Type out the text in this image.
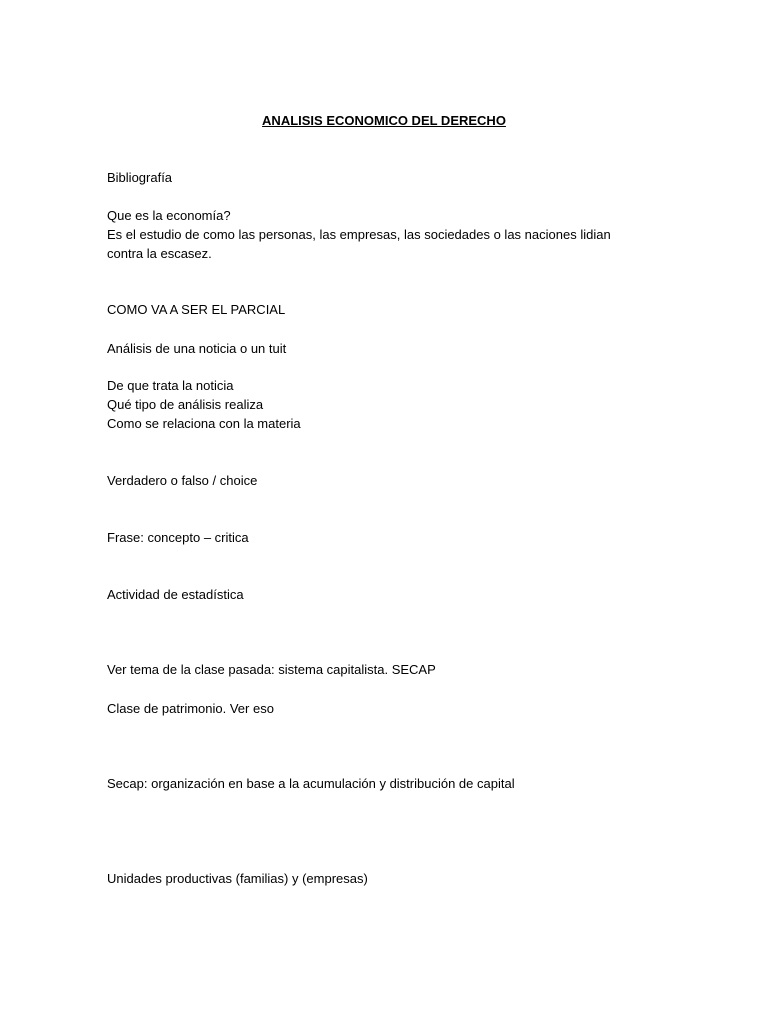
ANALISIS ECONOMICO DEL DERECHO
Bibliografía
Que es la economía?
Es el estudio de como las personas, las empresas, las sociedades o las naciones lidian
contra la escasez.
COMO VA A SER EL PARCIAL
Análisis de una noticia o un tuit
De que trata la noticia
Qué tipo de análisis realiza
Como se relaciona con la materia
Verdadero o falso / choice
Frase: concepto – critica
Actividad de estadística
Ver tema de la clase pasada: sistema capitalista. SECAP
Clase de patrimonio. Ver eso
Secap: organización en base a la acumulación y distribución de capital
Unidades productivas (familias) y (empresas)
